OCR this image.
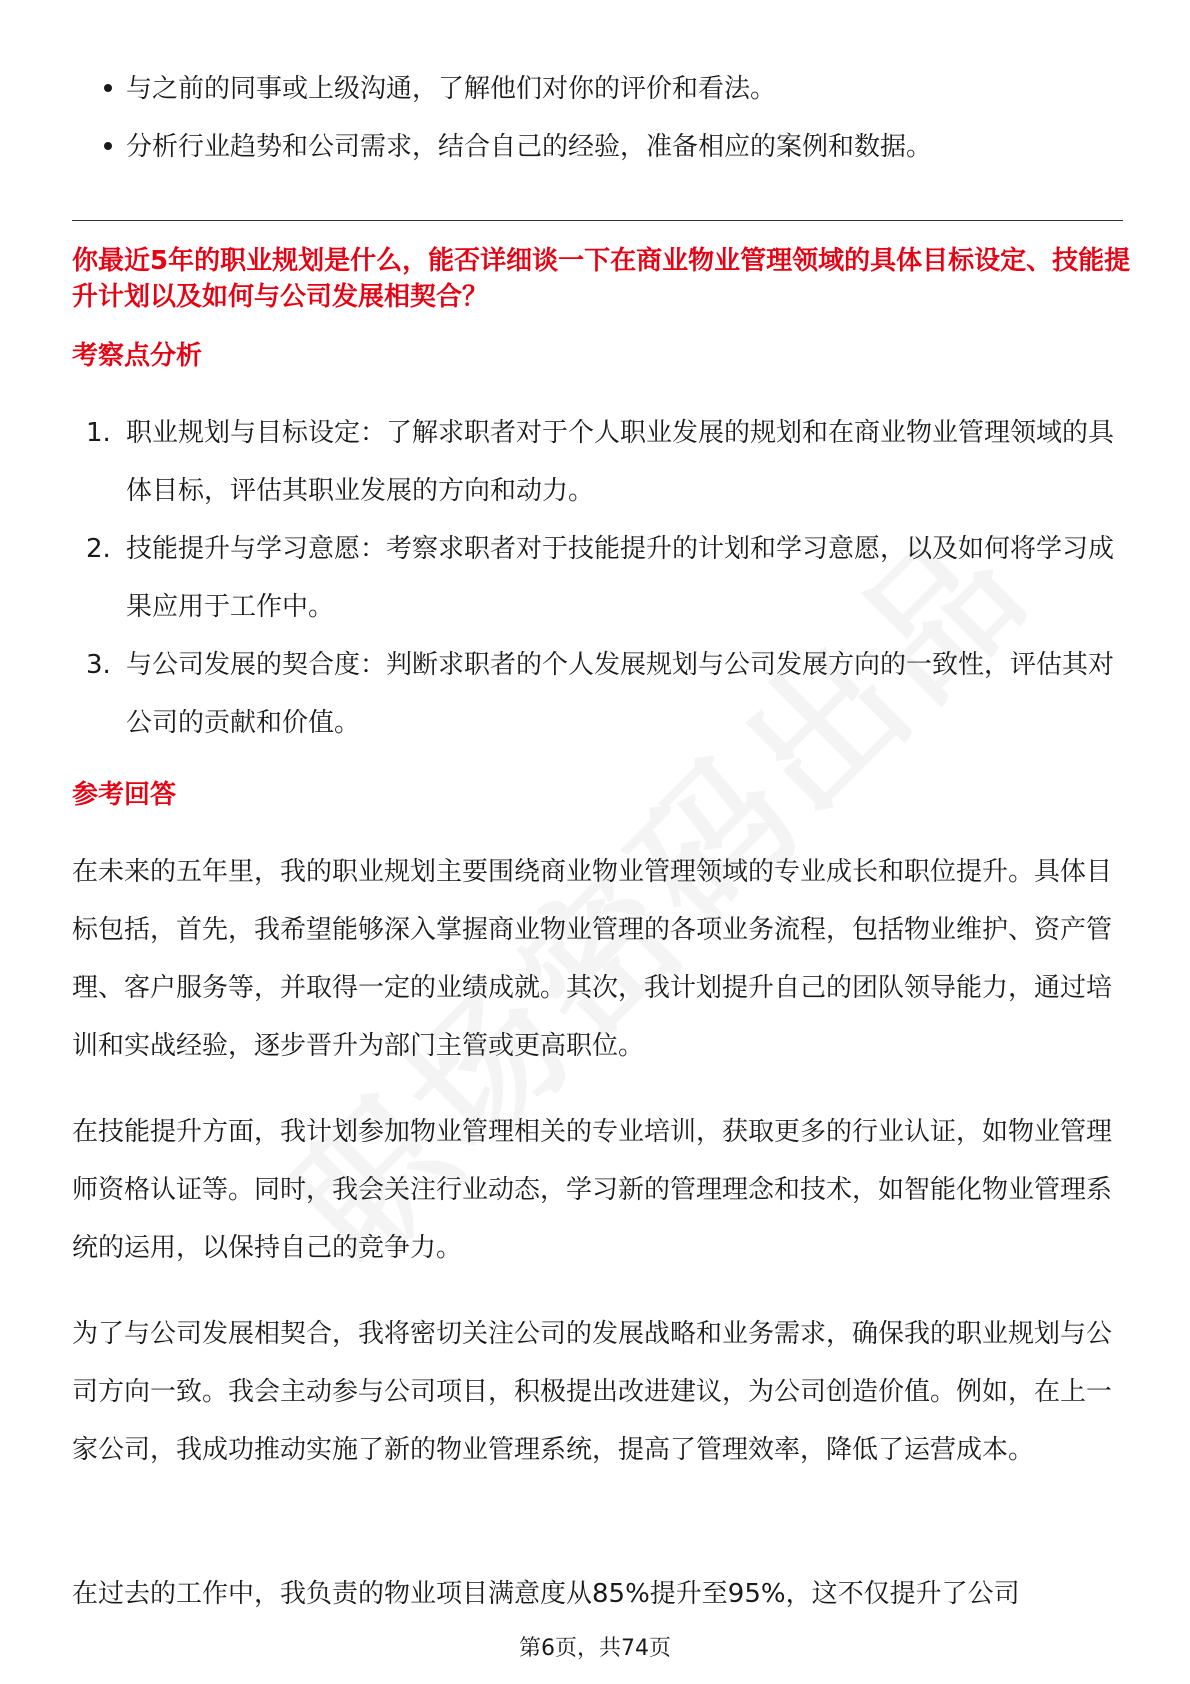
与之前的同事或上级沟通，了解他们对你的评价和看法。
分析行业趋势和公司需求，结合自己的经验，准备相应的案例和数据。

你最近5年的职业规划是什么，能否详细谈一下在商业物业管理领域的具体目标设定、技能提升计划以及如何与公司发展相契合？

考察点分析
1. 职业规划与目标设定：了解求职者对于个人职业发展的规划和在商业物业管理领域的具体目标，评估其职业发展的方向和动力。
2. 技能提升与学习意愿：考察求职者对于技能提升的计划和学习意愿，以及如何将学习成果应用于工作中。
3. 与公司发展的契合度：判断求职者的个人发展规划与公司发展方向的一致性，评估其对公司的贡献和价值。
参考回答

在未来的五年里，我的职业规划主要围绕商业物业管理领域的专业成长和职位提升。具体目标包括，首先，我希望能够深入掌握商业物业管理的各项业务流程，包括物业维护、资产管理、客户服务等，并取得一定的业绩成就。其次，我计划提升自己的团队领导能力，通过培训和实战经验，逐步晋升为部门主管或更高职位。

在技能提升方面，我计划参加物业管理相关的专业培训，获取更多的行业认证，如物业管理师资格认证等。同时，我会关注行业动态，学习新的管理理念和技术，如智能化物业管理系统的运用，以保持自己的竞争力。

为了与公司发展相契合，我将密切关注公司的发展战略和业务需求，确保我的职业规划与公司方向一致。我会主动参与公司项目，积极提出改进建议，为公司创造价值。例如，在上一家公司，我成功推动实施了新的物业管理系统，提高了管理效率，降低了运营成本。

在过去的工作中，我负责的物业项目满意度从85%提升至95%，这不仅提升了公司

第6页，共74页
